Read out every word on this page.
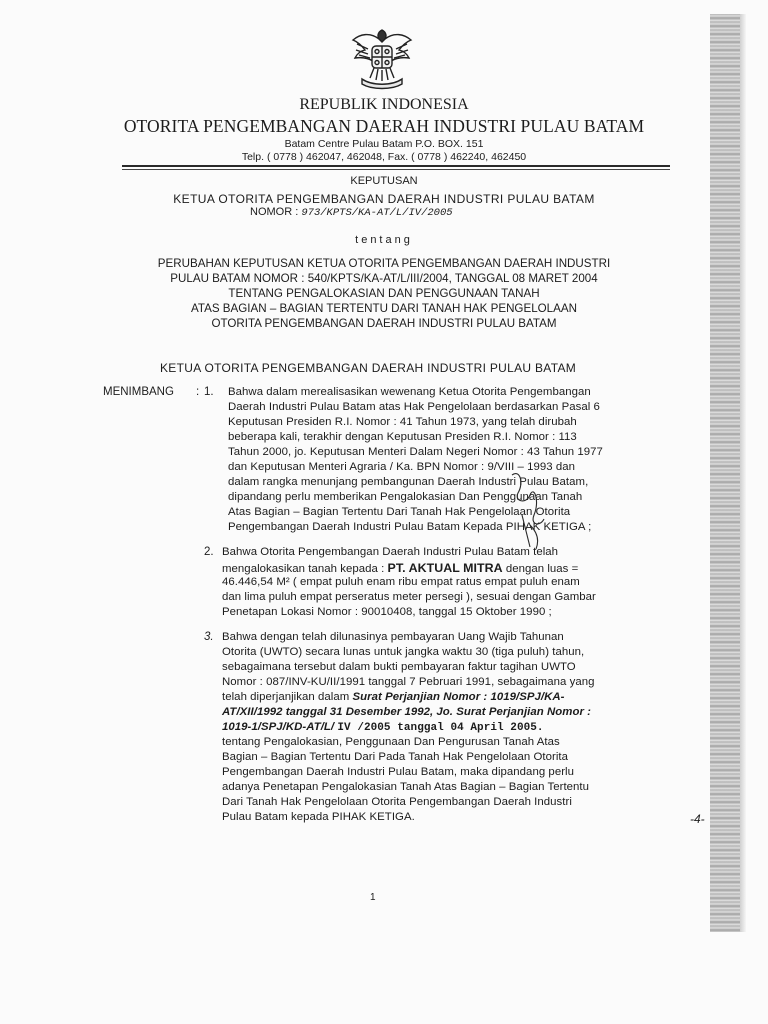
REPUBLIK INDONESIA
OTORITA PENGEMBANGAN DAERAH INDUSTRI PULAU BATAM
Batam Centre Pulau Batam P.O. BOX. 151
Telp. ( 0778 ) 462047, 462048, Fax. ( 0778 ) 462240, 462450
KEPUTUSAN
KETUA OTORITA PENGEMBANGAN DAERAH INDUSTRI PULAU BATAM
NOMOR : 973/KPTS/KA-AT/L/IV/2005
tentang
PERUBAHAN KEPUTUSAN KETUA OTORITA PENGEMBANGAN DAERAH INDUSTRI
PULAU BATAM NOMOR : 540/KPTS/KA-AT/L/III/2004, TANGGAL 08 MARET 2004
TENTANG PENGALOKASIAN DAN PENGGUNAAN TANAH
ATAS BAGIAN – BAGIAN TERTENTU DARI TANAH HAK PENGELOLAAN
OTORITA PENGEMBANGAN DAERAH INDUSTRI PULAU BATAM
KETUA OTORITA PENGEMBANGAN DAERAH INDUSTRI PULAU BATAM
MENIMBANG : 1. Bahwa dalam merealisasikan wewenang Ketua Otorita Pengembangan
Daerah Industri Pulau Batam atas Hak Pengelolaan berdasarkan Pasal 6
Keputusan Presiden R.I. Nomor : 41 Tahun 1973, yang telah dirubah
beberapa kali, terakhir dengan Keputusan Presiden R.I. Nomor : 113
Tahun 2000, jo. Keputusan Menteri Dalam Negeri Nomor : 43 Tahun 1977
dan Keputusan Menteri Agraria / Ka. BPN Nomor : 9/VIII – 1993 dan
dalam rangka menunjang pembangunan Daerah Industri Pulau Batam,
dipandang perlu memberikan Pengalokasian Dan Penggunaan Tanah
Atas Bagian – Bagian Tertentu Dari Tanah Hak Pengelolaan Otorita
Pengembangan Daerah Industri Pulau Batam Kepada PIHAK KETIGA ;
2. Bahwa Otorita Pengembangan Daerah Industri Pulau Batam telah
mengalokasikan tanah kepada : PT. AKTUAL MITRA dengan luas =
46.446,54 M² ( empat puluh enam ribu empat ratus empat puluh enam
dan lima puluh empat perseratus meter persegi ), sesuai dengan Gambar
Penetapan Lokasi Nomor : 90010408, tanggal 15 Oktober 1990 ;
3. Bahwa dengan telah dilunasinya pembayaran Uang Wajib Tahunan
Otorita (UWTO) secara lunas untuk jangka waktu 30 (tiga puluh) tahun,
sebagaimana tersebut dalam bukti pembayaran faktur tagihan UWTO
Nomor : 087/INV-KU/II/1991 tanggal 7 Pebruari 1991, sebagaimana yang
telah diperjanjikan dalam Surat Perjanjian Nomor : 1019/SPJ/KA-
AT/XII/1992 tanggal 31 Desember 1992, Jo. Surat Perjanjian Nomor :
1019-1/SPJ/KD-AT/L/ IV /2005 tanggal 04 April 2005.
tentang Pengalokasian, Penggunaan Dan Pengurusan Tanah Atas
Bagian – Bagian Tertentu Dari Pada Tanah Hak Pengelolaan Otorita
Pengembangan Daerah Industri Pulau Batam, maka dipandang perlu
adanya Penetapan Pengalokasian Tanah Atas Bagian – Bagian Tertentu
Dari Tanah Hak Pengelolaan Otorita Pengembangan Daerah Industri
Pulau Batam kepada PIHAK KETIGA.	-4-
1
